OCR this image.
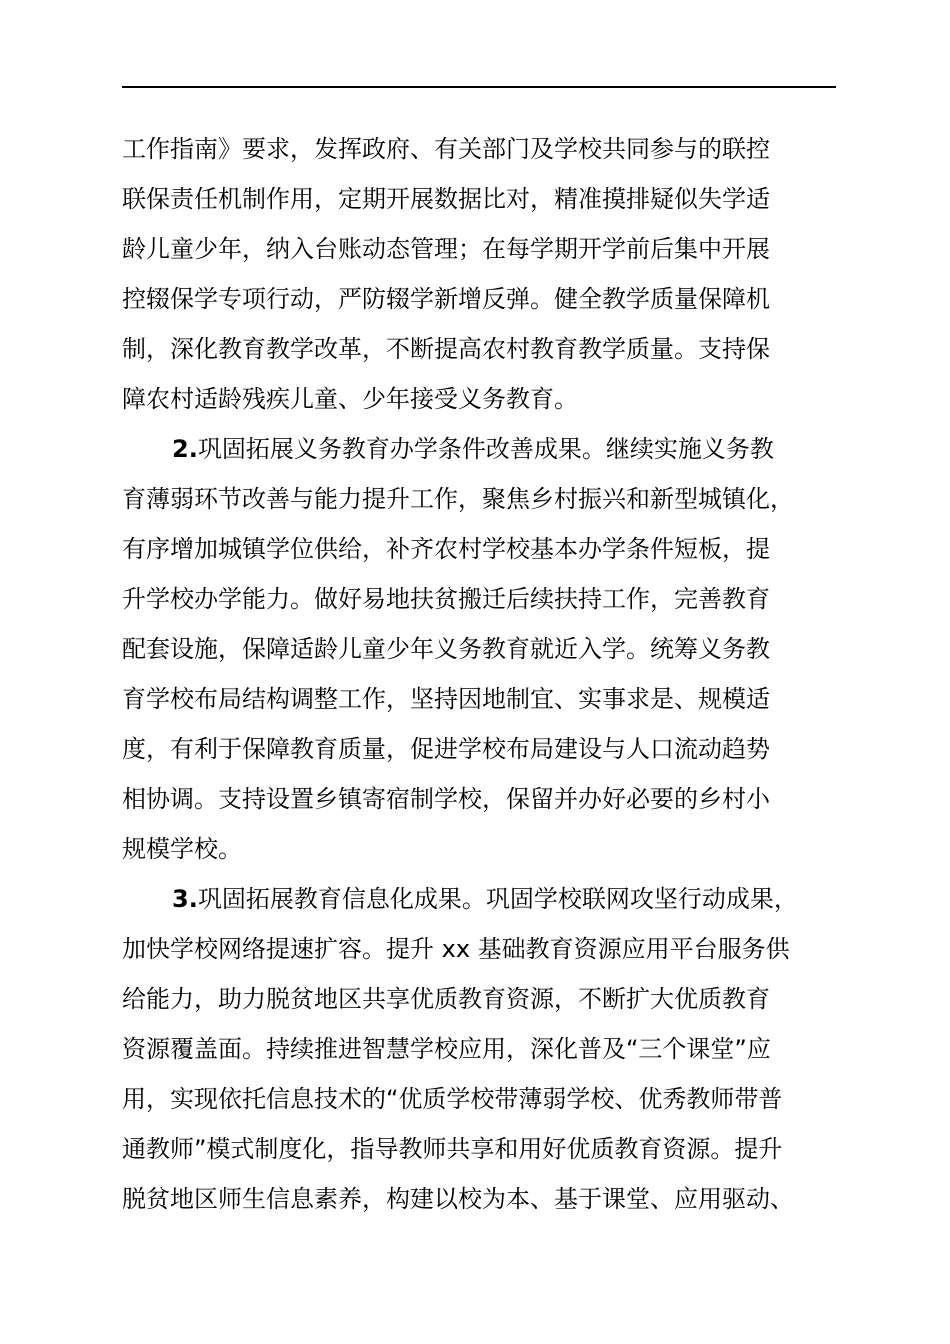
工作指南》要求，发挥政府、有关部门及学校共同参与的联控
联保责任机制作用，定期开展数据比对，精准摸排疑似失学适
龄儿童少年，纳入台账动态管理；在每学期开学前后集中开展
控辍保学专项行动，严防辍学新增反弹。健全教学质量保障机
制，深化教育教学改革，不断提高农村教育教学质量。支持保
障农村适龄残疾儿童、少年接受义务教育。
2.巩固拓展义务教育办学条件改善成果。继续实施义务教
育薄弱环节改善与能力提升工作，聚焦乡村振兴和新型城镇化，
有序增加城镇学位供给，补齐农村学校基本办学条件短板，提
升学校办学能力。做好易地扶贫搬迁后续扶持工作，完善教育
配套设施，保障适龄儿童少年义务教育就近入学。统筹义务教
育学校布局结构调整工作，坚持因地制宜、实事求是、规模适
度，有利于保障教育质量，促进学校布局建设与人口流动趋势
相协调。支持设置乡镇寄宿制学校，保留并办好必要的乡村小
规模学校。
3.巩固拓展教育信息化成果。巩固学校联网攻坚行动成果，
加快学校网络提速扩容。提升 xx 基础教育资源应用平台服务供
给能力，助力脱贫地区共享优质教育资源，不断扩大优质教育
资源覆盖面。持续推进智慧学校应用，深化普及“三个课堂”应
用，实现依托信息技术的“优质学校带薄弱学校、优秀教师带普
通教师”模式制度化，指导教师共享和用好优质教育资源。提升
脱贫地区师生信息素养，构建以校为本、基于课堂、应用驱动、
